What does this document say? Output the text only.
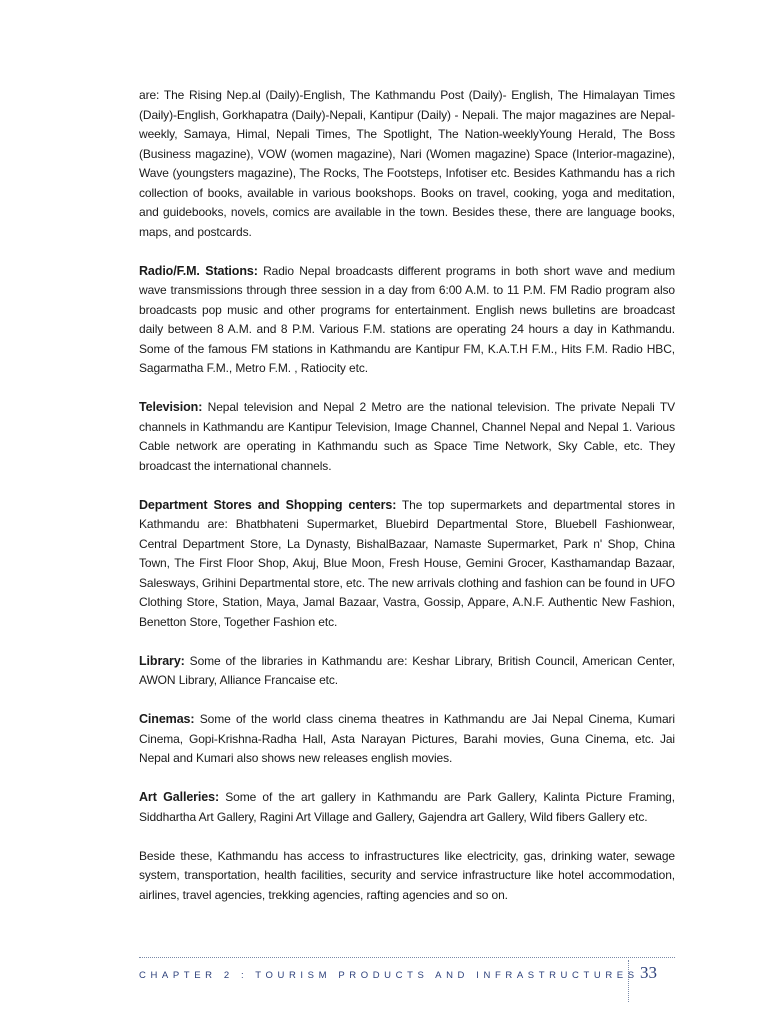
are: The Rising Nep.al (Daily)-English, The Kathmandu Post (Daily)- English, The Himalayan Times (Daily)-English, Gorkhapatra (Daily)-Nepali, Kantipur (Daily) - Nepali. The major magazines are Nepal-weekly, Samaya, Himal, Nepali Times, The Spotlight, The Nation-weeklyYoung Herald, The Boss (Business magazine), VOW (women magazine), Nari (Women magazine) Space (Interior-magazine), Wave (youngsters magazine), The Rocks, The Footsteps, Infotiser etc. Besides Kathmandu has a rich collection of books, available in various bookshops. Books on travel, cooking, yoga and meditation, and guidebooks, novels, comics are available in the town. Besides these, there are language books, maps, and postcards.

Radio/F.M. Stations: Radio Nepal broadcasts different programs in both short wave and medium wave transmissions through three session in a day from 6:00 A.M. to 11 P.M. FM Radio program also broadcasts pop music and other programs for entertainment. English news bulletins are broadcast daily between 8 A.M. and 8 P.M. Various F.M. stations are operating 24 hours a day in Kathmandu. Some of the famous FM stations in Kathmandu are Kantipur FM, K.A.T.H F.M., Hits F.M. Radio HBC, Sagarmatha F.M., Metro F.M. , Ratiocity etc.

Television: Nepal television and Nepal 2 Metro are the national television. The private Nepali TV channels in Kathmandu are Kantipur Television, Image Channel, Channel Nepal and Nepal 1. Various Cable network are operating in Kathmandu such as Space Time Network, Sky Cable, etc. They broadcast the international channels.

Department Stores and Shopping centers: The top supermarkets and departmental stores in Kathmandu are: Bhatbhateni Supermarket, Bluebird Departmental Store, Bluebell Fashionwear, Central Department Store, La Dynasty, BishalBazaar, Namaste Supermarket, Park n' Shop, China Town, The First Floor Shop, Akuj, Blue Moon, Fresh House, Gemini Grocer, Kasthamandap Bazaar, Salesways, Grihini Departmental store, etc. The new arrivals clothing and fashion can be found in UFO Clothing Store, Station, Maya, Jamal Bazaar, Vastra, Gossip, Appare, A.N.F. Authentic New Fashion, Benetton Store, Together Fashion etc.

Library: Some of the libraries in Kathmandu are: Keshar Library, British Council, American Center, AWON Library, Alliance Francaise etc.

Cinemas: Some of the world class cinema theatres in Kathmandu are Jai Nepal Cinema, Kumari Cinema, Gopi-Krishna-Radha Hall, Asta Narayan Pictures, Barahi movies, Guna Cinema, etc. Jai Nepal and Kumari also shows new releases english movies.

Art Galleries: Some of the art gallery in Kathmandu are Park Gallery, Kalinta Picture Framing, Siddhartha Art Gallery, Ragini Art Village and Gallery, Gajendra art Gallery, Wild fibers Gallery etc.

Beside these, Kathmandu has access to infrastructures like electricity, gas, drinking water, sewage system, transportation, health facilities, security and service infrastructure like hotel accommodation, airlines, travel agencies, trekking agencies, rafting agencies and so on.

CHAPTER 2 : TOURISM PRODUCTS AND INFRASTRUCTURES 33
